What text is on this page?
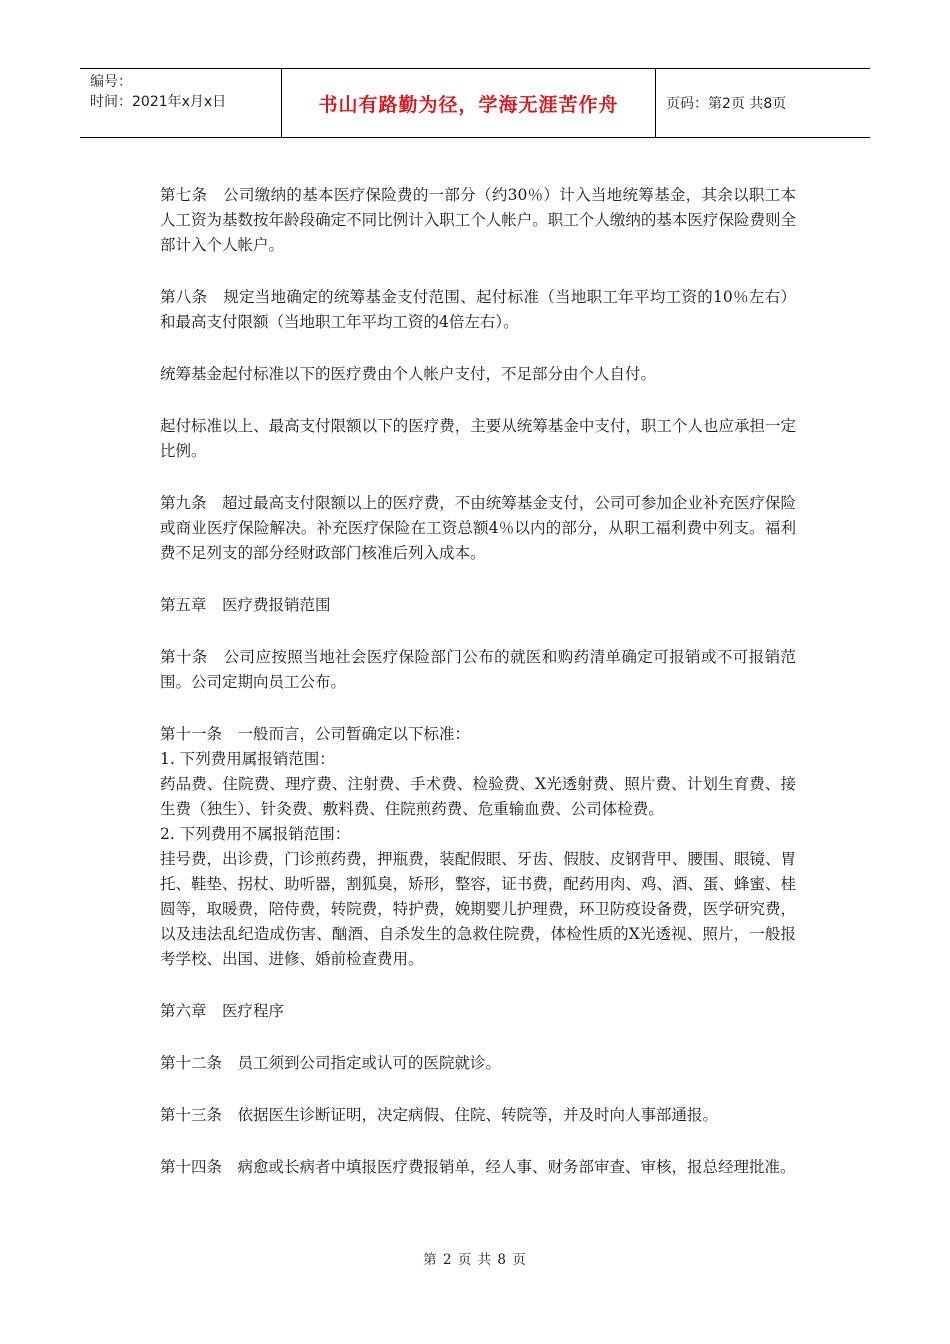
编号：
时间：2021年x月x日	书山有路勤为径，学海无涯苦作舟	页码：第2页 共8页

第七条　公司缴纳的基本医疗保险费的一部分（约30％）计入当地统筹基金，其余以职工本人工资为基数按年龄段确定不同比例计入职工个人帐户。职工个人缴纳的基本医疗保险费则全部计入个人帐户。

第八条　规定当地确定的统筹基金支付范围、起付标准（当地职工年平均工资的10％左右）和最高支付限额（当地职工年平均工资的4倍左右）。

统筹基金起付标准以下的医疗费由个人帐户支付，不足部分由个人自付。

起付标准以上、最高支付限额以下的医疗费，主要从统筹基金中支付，职工个人也应承担一定比例。

第九条　超过最高支付限额以上的医疗费，不由统筹基金支付，公司可参加企业补充医疗保险或商业医疗保险解决。补充医疗保险在工资总额4％以内的部分，从职工福利费中列支。福利费不足列支的部分经财政部门核准后列入成本。

第五章　医疗费报销范围

第十条　公司应按照当地社会医疗保险部门公布的就医和购药清单确定可报销或不可报销范围。公司定期向员工公布。

第十一条　一般而言，公司暂确定以下标准：
1. 下列费用属报销范围：
药品费、住院费、理疗费、注射费、手术费、检验费、X光透射费、照片费、计划生育费、接生费（独生）、针灸费、敷料费、住院煎药费、危重输血费、公司体检费。
2. 下列费用不属报销范围：
挂号费，出诊费，门诊煎药费，押瓶费，装配假眼、牙齿、假肢、皮钢背甲、腰围、眼镜、胃托、鞋垫、拐杖、助听器，割狐臭，矫形，整容，证书费，配药用肉、鸡、酒、蛋、蜂蜜、桂圆等，取暖费，陪侍费，转院费，特护费，娩期婴儿护理费，环卫防疫设备费，医学研究费，以及违法乱纪造成伤害、酗酒、自杀发生的急救住院费，体检性质的X光透视、照片，一般报考学校、出国、进修、婚前检查费用。

第六章　医疗程序

第十二条　员工须到公司指定或认可的医院就诊。

第十三条　依据医生诊断证明，决定病假、住院、转院等，并及时向人事部通报。

第十四条　病愈或长病者中填报医疗费报销单，经人事、财务部审查、审核，报总经理批准。

第 2 页 共 8 页
